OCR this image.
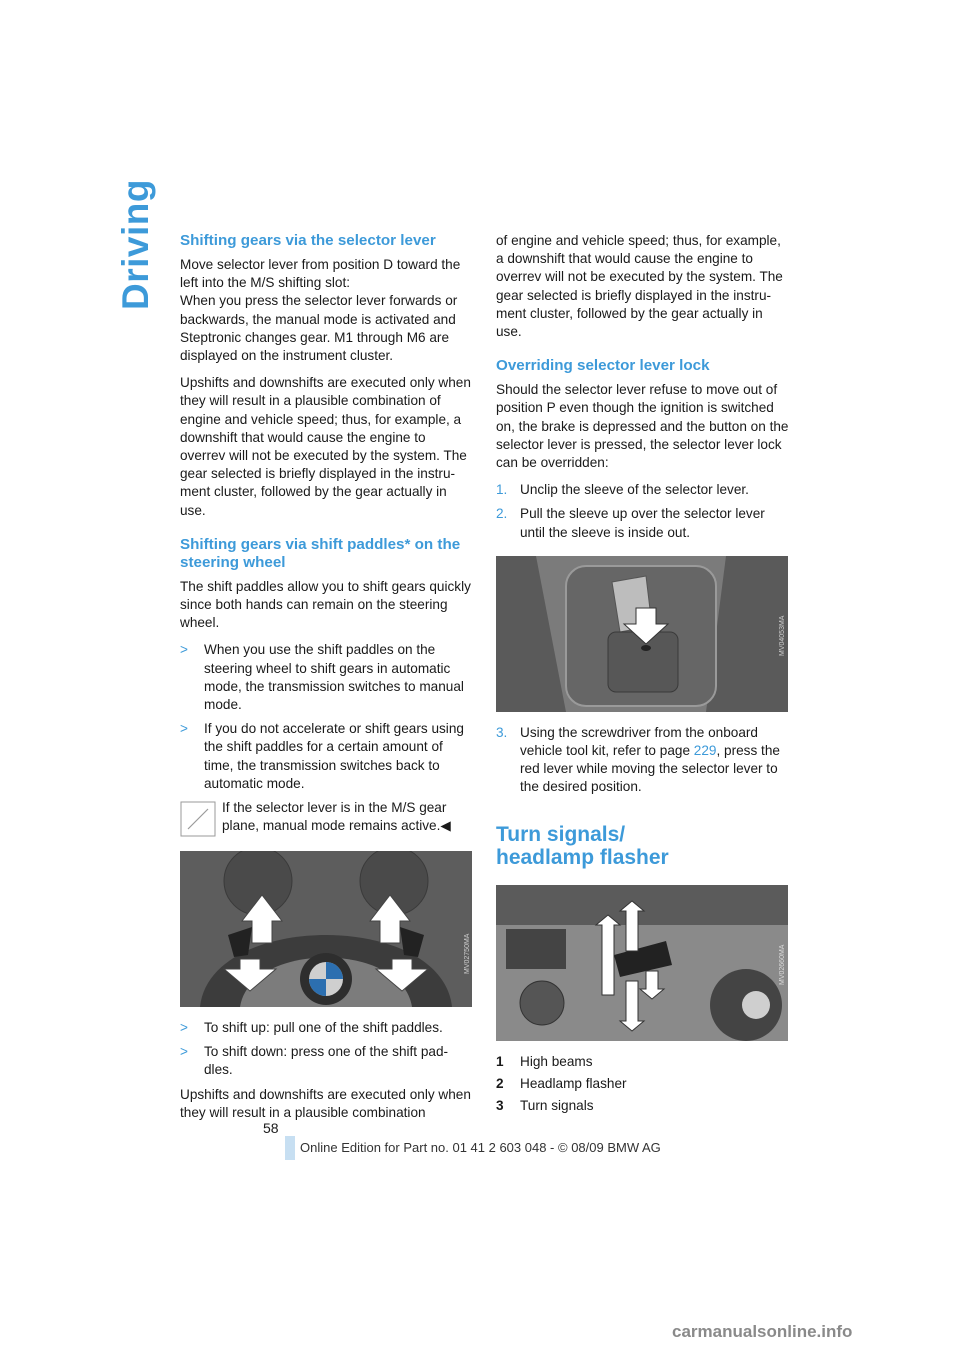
Driving Shifting gears via the selector lever

Move selector lever from position D toward the left into the M/S shifting slot:

When you press the selector lever forwards or backwards, the manual mode is activated and Steptronic changes gear. M1 through M6 are displayed on the instrument cluster.

Upshifts and downshifts are executed only when they will result in a plausible combination of engine and vehicle speed; thus, for example, a downshift that would cause the engine to overrev will not be executed by the system. The gear selected is briefly displayed in the instru-ment cluster, followed by the gear actually in use.

Shifting gears via shift paddles* on the steering wheel

The shift paddles allow you to shift gears quickly since both hands can remain on the steering wheel.

>	When you use the shift paddles on the steering wheel to shift gears in automatic mode, the transmission switches to manual mode.
>	If you do not accelerate or shift gears using the shift paddles for a certain amount of time, the transmission switches back to automatic mode.
If the selector lever is in the M/S gear plane, manual mode remains active.◀
>	To shift up: pull one of the shift paddles.
>	To shift down: press one of the shift pad-dles.

Upshifts and downshifts are executed only when they will result in a plausible combination

of engine and vehicle speed; thus, for example, a downshift that would cause the engine to overrev will not be executed by the system. The gear selected is briefly displayed in the instru-ment cluster, followed by the gear actually in use.

Overriding selector lever lock

Should the selector lever refuse to move out of position P even though the ignition is switched on, the brake is depressed and the button on the selector lever is pressed, the selector lever lock can be overridden:

1. Unclip the sleeve of the selector lever.
2. Pull the sleeve up over the selector lever until the sleeve is inside out.
MV04053MA
3. Using the screwdriver from the onboard vehicle tool kit, refer to page 229, press the red lever while moving the selector lever to the desired position.
Turn signals/ headlamp flasher
MV02660MA
1	High beams
2	Headlamp flasher
3	Turn signals
MV02750MA
58
Online Edition for Part no. 01 41 2 603 048 - © 08/09 BMW AG
carmanualsonline.info
